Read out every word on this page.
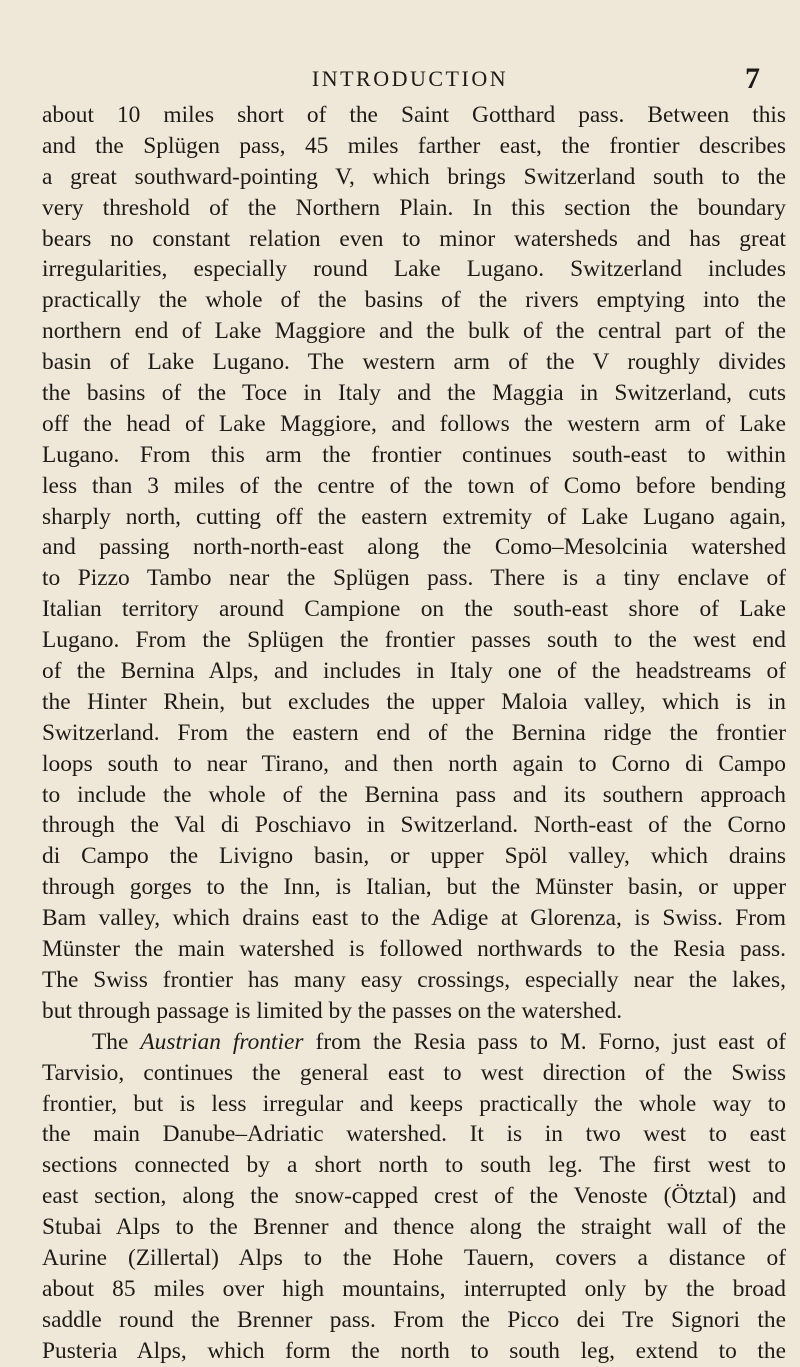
INTRODUCTION	7
about 10 miles short of the Saint Gotthard pass. Between this
and the Splügen pass, 45 miles farther east, the frontier describes
a great southward-pointing V, which brings Switzerland south to the
very threshold of the Northern Plain. In this section the boundary
bears no constant relation even to minor watersheds and has great
irregularities, especially round Lake Lugano. Switzerland includes
practically the whole of the basins of the rivers emptying into the
northern end of Lake Maggiore and the bulk of the central part of the
basin of Lake Lugano. The western arm of the V roughly divides
the basins of the Toce in Italy and the Maggia in Switzerland, cuts
off the head of Lake Maggiore, and follows the western arm of Lake
Lugano. From this arm the frontier continues south-east to within
less than 3 miles of the centre of the town of Como before bending
sharply north, cutting off the eastern extremity of Lake Lugano again,
and passing north-north-east along the Como–Mesolcinia watershed
to Pizzo Tambo near the Splügen pass. There is a tiny enclave of
Italian territory around Campione on the south-east shore of Lake
Lugano. From the Splügen the frontier passes south to the west end
of the Bernina Alps, and includes in Italy one of the headstreams of
the Hinter Rhein, but excludes the upper Maloia valley, which is in
Switzerland. From the eastern end of the Bernina ridge the frontier
loops south to near Tirano, and then north again to Corno di Campo
to include the whole of the Bernina pass and its southern approach
through the Val di Poschiavo in Switzerland. North-east of the Corno
di Campo the Livigno basin, or upper Spöl valley, which drains
through gorges to the Inn, is Italian, but the Münster basin, or upper
Bam valley, which drains east to the Adige at Glorenza, is Swiss. From
Münster the main watershed is followed northwards to the Resia pass.
The Swiss frontier has many easy crossings, especially near the lakes,
but through passage is limited by the passes on the watershed.
The Austrian frontier from the Resia pass to M. Forno, just east of
Tarvisio, continues the general east to west direction of the Swiss
frontier, but is less irregular and keeps practically the whole way to
the main Danube–Adriatic watershed. It is in two west to east
sections connected by a short north to south leg. The first west to
east section, along the snow-capped crest of the Venoste (Ötztal) and
Stubai Alps to the Brenner and thence along the straight wall of the
Aurine (Zillertal) Alps to the Hohe Tauern, covers a distance of
about 85 miles over high mountains, interrupted only by the broad
saddle round the Brenner pass. From the Picco dei Tre Signori the
Pusteria Alps, which form the north to south leg, extend to the
